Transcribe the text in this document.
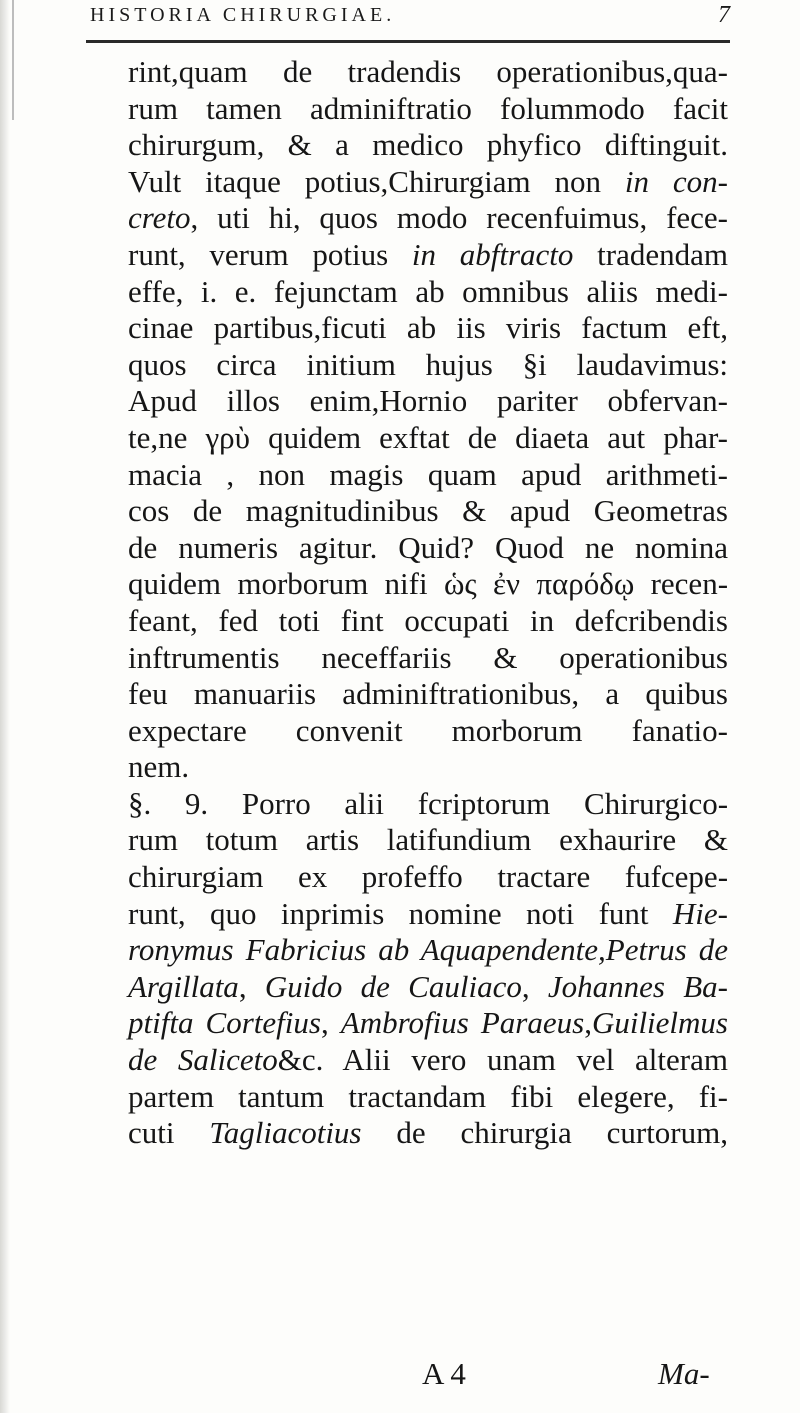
HISTORIA CHIRURGIAE.	7
rint,quam de tradendis operationibus,qua-
rum tamen adminiftratio folummodo facit
chirurgum, & a medico phyfico diftinguit.
Vult itaque potius,Chirurgiam non in con-
creto, uti hi, quos modo recenfuimus, fece-
runt, verum potius in abftracto tradendam
effe, i. e. fejunctam ab omnibus aliis medi-
cinae partibus,ficuti ab iis viris factum eft,
quos circa initium hujus §i laudavimus:
Apud illos enim,Hornio pariter obfervan-
te,ne γρὺ quidem exftat de diaeta aut phar-
macia , non magis quam apud arithmeti-
cos de magnitudinibus & apud Geometras
de numeris agitur. Quid? Quod ne nomina
quidem morborum nifi ὡς ἐν παρόδῳ recen-
feant, fed toti fint occupati in defcribendis
inftrumentis neceffariis & operationibus
feu manuariis adminiftrationibus, a quibus
expectare convenit morborum fanatio-
nem.
§. 9. Porro alii fcriptorum Chirurgico-
rum totum artis latifundium exhaurire &
chirurgiam ex profeffo tractare fufcepe-
runt, quo inprimis nomine noti funt Hie-
ronymus Fabricius ab Aquapendente,Petrus de
Argillata, Guido de Cauliaco, Johannes Ba-
ptifta Cortefius, Ambrofius Paraeus,Guilielmus
de Saliceto&c. Alii vero unam vel alteram
partem tantum tractandam fibi elegere, fi-
cuti Tagliacotius de chirurgia curtorum,
A 4	Ma-
